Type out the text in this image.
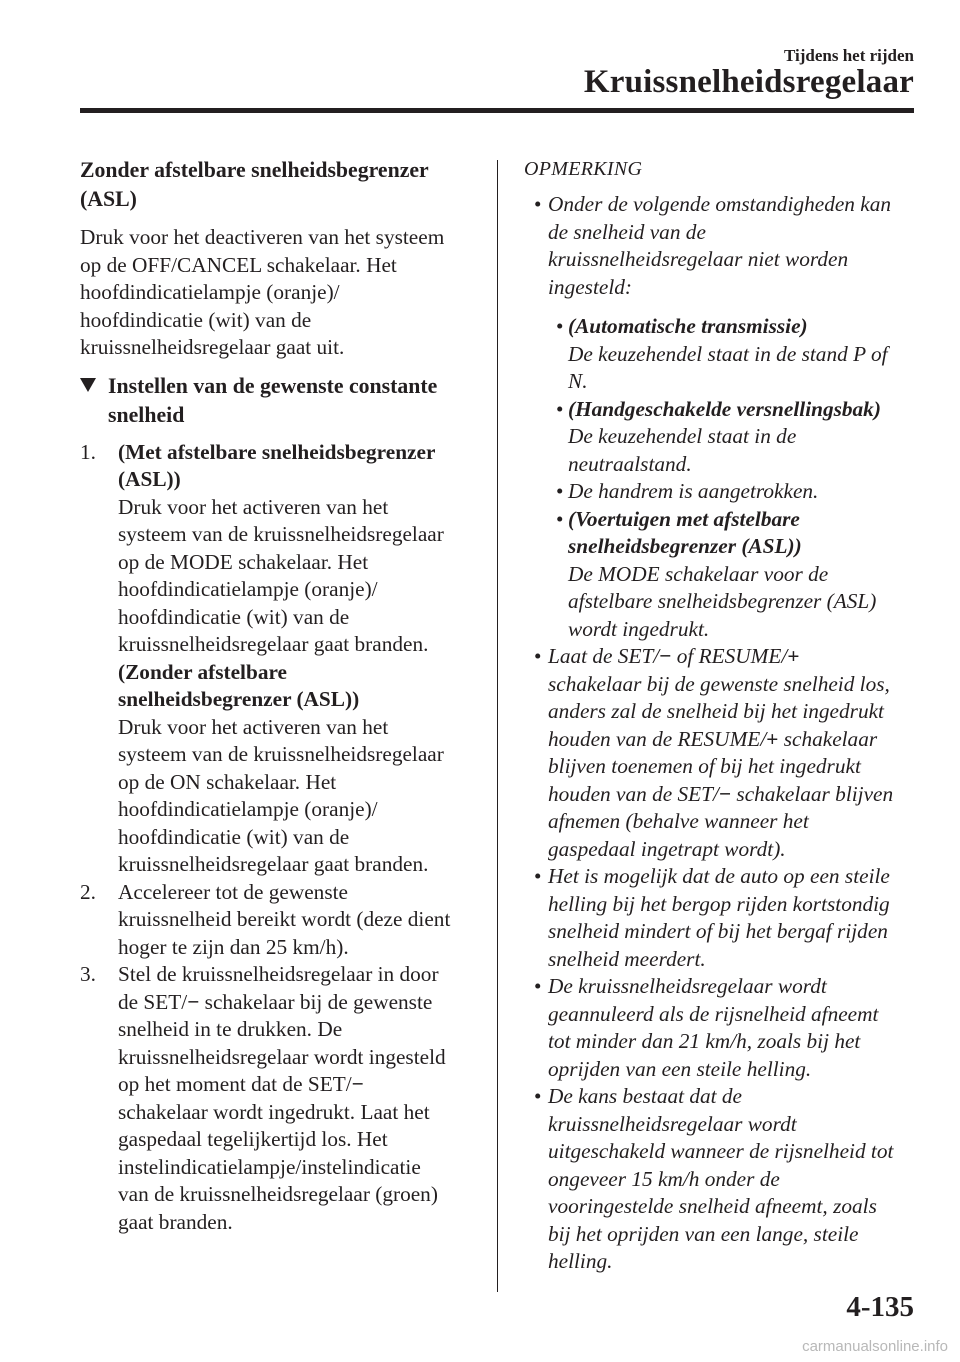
Tijdens het rijden
Kruissnelheidsregelaar
Zonder afstelbare snelheidsbegrenzer
(ASL)
Druk voor het deactiveren van het systeem
op de OFF/CANCEL schakelaar. Het
hoofdindicatielampje (oranje)/
hoofdindicatie (wit) van de
kruissnelheidsregelaar gaat uit.
Instellen van de gewenste constante
snelheid
1. (Met afstelbare snelheidsbegrenzer
(ASL))
Druk voor het activeren van het
systeem van de kruissnelheidsregelaar
op de MODE schakelaar. Het
hoofdindicatielampje (oranje)/
hoofdindicatie (wit) van de
kruissnelheidsregelaar gaat branden.
(Zonder afstelbare
snelheidsbegrenzer (ASL))
Druk voor het activeren van het
systeem van de kruissnelheidsregelaar
op de ON schakelaar. Het
hoofdindicatielampje (oranje)/
hoofdindicatie (wit) van de
kruissnelheidsregelaar gaat branden.
2. Accelereer tot de gewenste
kruissnelheid bereikt wordt (deze dient
hoger te zijn dan 25 km/h).
3. Stel de kruissnelheidsregelaar in door
de SET/− schakelaar bij de gewenste
snelheid in te drukken. De
kruissnelheidsregelaar wordt ingesteld
op het moment dat de SET/−
schakelaar wordt ingedrukt. Laat het
gaspedaal tegelijkertijd los. Het
instelindicatielampje/instelindicatie
van de kruissnelheidsregelaar (groen)
gaat branden.
OPMERKING
• Onder de volgende omstandigheden kan
de snelheid van de
kruissnelheidsregelaar niet worden
ingesteld:
• (Automatische transmissie)
De keuzehendel staat in de stand P of
N.
• (Handgeschakelde versnellingsbak)
De keuzehendel staat in de
neutraalstand.
• De handrem is aangetrokken.
• (Voertuigen met afstelbare
snelheidsbegrenzer (ASL))
De MODE schakelaar voor de
afstelbare snelheidsbegrenzer (ASL)
wordt ingedrukt.
• Laat de SET/− of RESUME/+
schakelaar bij de gewenste snelheid los,
anders zal de snelheid bij het ingedrukt
houden van de RESUME/+ schakelaar
blijven toenemen of bij het ingedrukt
houden van de SET/− schakelaar blijven
afnemen (behalve wanneer het
gaspedaal ingetrapt wordt).
• Het is mogelijk dat de auto op een steile
helling bij het bergop rijden kortstondig
snelheid mindert of bij het bergaf rijden
snelheid meerdert.
• De kruissnelheidsregelaar wordt
geannuleerd als de rijsnelheid afneemt
tot minder dan 21 km/h, zoals bij het
oprijden van een steile helling.
• De kans bestaat dat de
kruissnelheidsregelaar wordt
uitgeschakeld wanneer de rijsnelheid tot
ongeveer 15 km/h onder de
vooringestelde snelheid afneemt, zoals
bij het oprijden van een lange, steile
helling.
4-135
carmanualsonline.info
